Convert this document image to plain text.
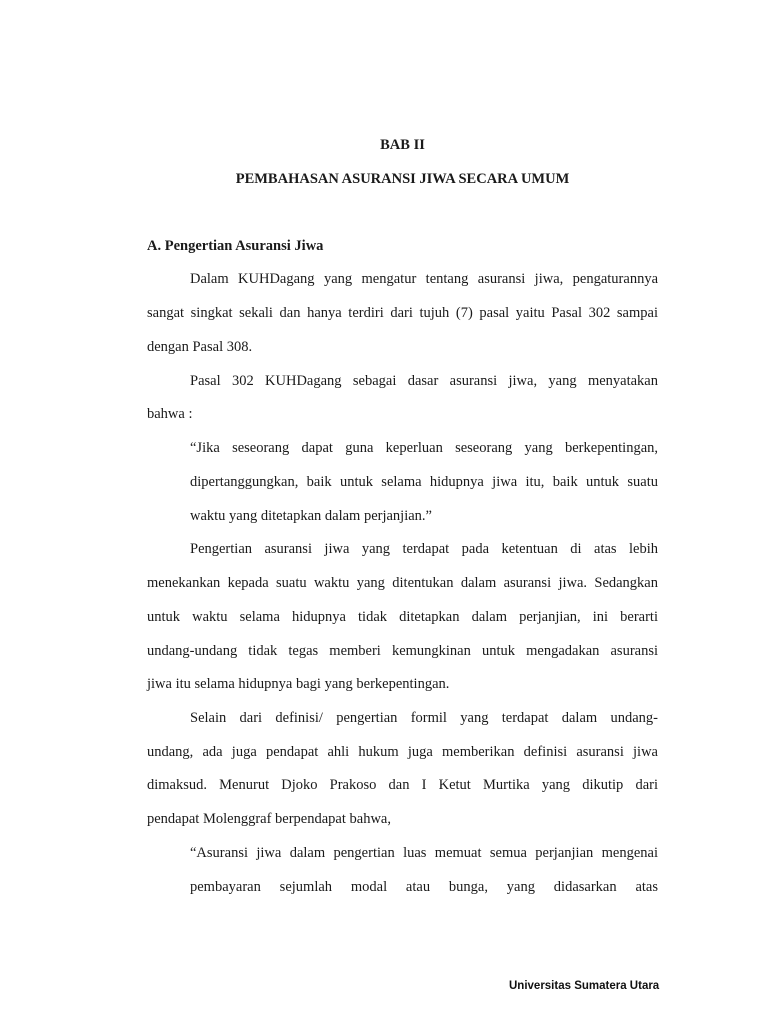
BAB II
PEMBAHASAN ASURANSI JIWA SECARA UMUM
A. Pengertian Asuransi Jiwa
Dalam KUHDagang yang mengatur tentang asuransi jiwa, pengaturannya
sangat singkat sekali dan hanya terdiri dari tujuh (7) pasal yaitu Pasal 302 sampai
dengan Pasal 308.
Pasal 302 KUHDagang sebagai dasar asuransi jiwa, yang menyatakan
bahwa :
“Jika seseorang dapat guna keperluan seseorang yang berkepentingan,
dipertanggungkan, baik untuk selama hidupnya jiwa itu, baik untuk suatu
waktu yang ditetapkan dalam perjanjian.”
Pengertian asuransi jiwa yang terdapat pada ketentuan di atas lebih
menekankan kepada suatu waktu yang ditentukan dalam asuransi jiwa. Sedangkan
untuk waktu selama hidupnya tidak ditetapkan dalam perjanjian, ini berarti
undang-undang tidak tegas memberi kemungkinan untuk mengadakan asuransi
jiwa itu selama hidupnya bagi yang berkepentingan.
Selain dari definisi/ pengertian formil yang terdapat dalam undang-
undang, ada juga pendapat ahli hukum juga memberikan definisi asuransi jiwa
dimaksud. Menurut Djoko Prakoso dan I Ketut Murtika yang dikutip dari
pendapat Molenggraf berpendapat bahwa,
“Asuransi jiwa dalam pengertian luas memuat semua perjanjian mengenai
pembayaran sejumlah modal atau bunga, yang didasarkan atas
Universitas Sumatera Utara
